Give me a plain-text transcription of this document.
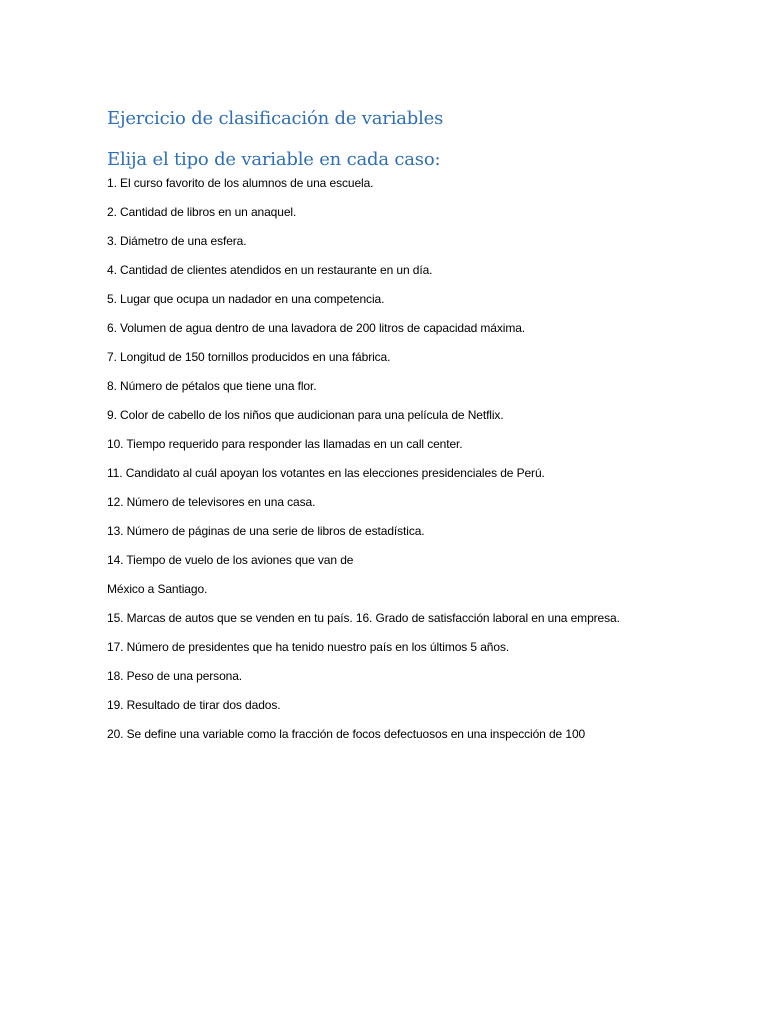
Ejercicio de clasificación de variables
Elija el tipo de variable en cada caso:
1. El curso favorito de los alumnos de una escuela.
2. Cantidad de libros en un anaquel.
3. Diámetro de una esfera.
4. Cantidad de clientes atendidos en un restaurante en un día.
5. Lugar que ocupa un nadador en una competencia.
6. Volumen de agua dentro de una lavadora de 200 litros de capacidad máxima.
7. Longitud de 150 tornillos producidos en una fábrica.
8. Número de pétalos que tiene una flor.
9. Color de cabello de los niños que audicionan para una película de Netflix.
10. Tiempo requerido para responder las llamadas en un call center.
11. Candidato al cuál apoyan los votantes en las elecciones presidenciales de Perú.
12. Número de televisores en una casa.
13. Número de páginas de una serie de libros de estadística.
14. Tiempo de vuelo de los aviones que van de
México a Santiago.
15. Marcas de autos que se venden en tu país. 16. Grado de satisfacción laboral en una empresa.
17. Número de presidentes que ha tenido nuestro país en los últimos 5 años.
18. Peso de una persona.
19. Resultado de tirar dos dados.
20. Se define una variable como la fracción de focos defectuosos en una inspección de 100
